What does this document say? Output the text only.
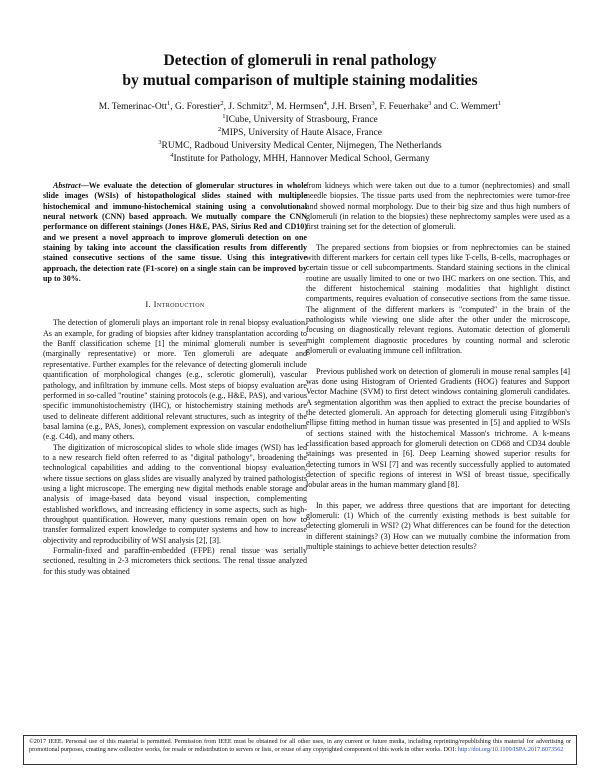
Detection of glomeruli in renal pathology
by mutual comparison of multiple staining modalities
M. Temerinac-Ott$^1$, G. Forestier$^2$, J. Schmitz$^3$, M. Hermsen$^4$, J.H. Brsen$^3$, F. Feuerhake$^3$ and C. Wemmert$^1$
$^1$ICube, University of Strasbourg, France
$^2$MIPS, University of Haute Alsace, France
$^3$RUMC, Radboud University Medical Center, Nijmegen, The Netherlands
$^4$Institute for Pathology, MHH, Hannover Medical School, Germany

Abstract—We evaluate the detection of glomerular structures in whole slide images (WSIs) of histopathological slides stained with multiple histochemical and immuno-histochemical staining using a convolutional neural network (CNN) based approach. We mutually compare the CNN performance on different stainings (Jones H&E, PAS, Sirius Red and CD10) and we present a novel approach to improve glomeruli detection on one staining by taking into account the classification results from differently stained consecutive sections of the same tissue. Using this integrative approach, the detection rate (F1-score) on a single stain can be improved by up to 30%.

I. Introduction

The detection of glomeruli plays an important role in renal biopsy evaluation. As an example, for grading of biopsies after kidney transplantation according to the Banff classification scheme [1] the minimal glomeruli number is seven (marginally representative) or more. Ten glomeruli are adequate and representative. Further examples for the relevance of detecting glomeruli include quantification of morphological changes (e.g., sclerotic glomeruli), vascular pathology, and infiltration by immune cells. Most steps of biopsy evaluation are performed in so-called "routine" staining protocols (e.g., H&E, PAS), and various specific immunohistochemistry (IHC), or histochemistry staining methods are used to delineate different additional relevant structures, such as integrity of the basal lamina (e.g., PAS, Jones), complement expression on vascular endothelium (e.g. C4d), and many others.

The digitization of microscopical slides to whole slide images (WSI) has led to a new research field often referred to as "digital pathology", broadening the technological capabilities and adding to the conventional biopsy evaluation, where tissue sections on glass slides are visually analyzed by trained pathologists using a light microscope. The emerging new digital methods enable storage and analysis of image-based data beyond visual inspection, complementing established workflows, and increasing efficiency in some aspects, such as high-throughput quantification. However, many questions remain open on how to transfer formalized expert knowledge to computer systems and how to increase objectivity and reproducibility of WSI analysis [2], [3].

Formalin-fixed and paraffin-embedded (FFPE) renal tissue was serially sectioned, resulting in 2-3 micrometers thick sections. The renal tissue analyzed for this study was obtained

from kidneys which were taken out due to a tumor (nephrectomies) and small needle biopsies. The tissue parts used from the nephrectomies were tumor-free and showed normal morphology. Due to their big size and thus high numbers of glomeruli (in relation to the biopsies) these nephrectomy samples were used as a first training set for the detection of glomeruli.

The prepared sections from biopsies or from nephrectomies can be stained with different markers for certain cell types like T-cells, B-cells, macrophages or certain tissue or cell subcompartments. Standard staining sections in the clinical routine are usually limited to one or two IHC markers on one section. This, and the different histochemical staining modalities that highlight distinct compartments, requires evaluation of consecutive sections from the same tissue. The alignment of the different markers is "computed" in the brain of the pathologists while viewing one slide after the other under the microscope, focusing on diagnostically relevant regions. Automatic detection of glomeruli might complement diagnostic procedures by counting normal and sclerotic glomeruli or evaluating immune cell infiltration.

Previous published work on detection of glomeruli in mouse renal samples [4] was done using Histogram of Oriented Gradients (HOG) features and Support Vector Machine (SVM) to first detect windows containing glomeruli candidates. A segmentation algorithm was then applied to extract the precise boundaries of the detected glomeruli. An approach for detecting glomeruli using Fitzgibbon's ellipse fitting method in human tissue was presented in [5] and applied to WSIs of sections stained with the histochemical Masson's trichrome. A k-means classification based approach for glomeruli detection on CD68 and CD34 double stainings was presented in [6]. Deep Learning showed superior results for detecting tumors in WSI [7] and was recently successfully applied to automated detection of specific regions of interest in WSI of breast tissue, specifically lobular areas in the human mammary gland [8].

In this paper, we address three questions that are important for detecting glomeruli: (1) Which of the currently existing methods is best suitable for detecting glomeruli in WSI? (2) What differences can be found for the detection in different stainings? (3) How can we mutually combine the information from multiple stainings to achieve better detection results?

©2017 IEEE. Personal use of this material is permitted. Permission from IEEE must be obtained for all other uses, in any current or future media, including reprinting/republishing this material for advertising or promotional purposes, creating new collective works, for resale or redistribution to servers or lists, or reuse of any copyrighted component of this work in other works. DOI: http://doi.org/10.1109/ISPA.2017.8073562
